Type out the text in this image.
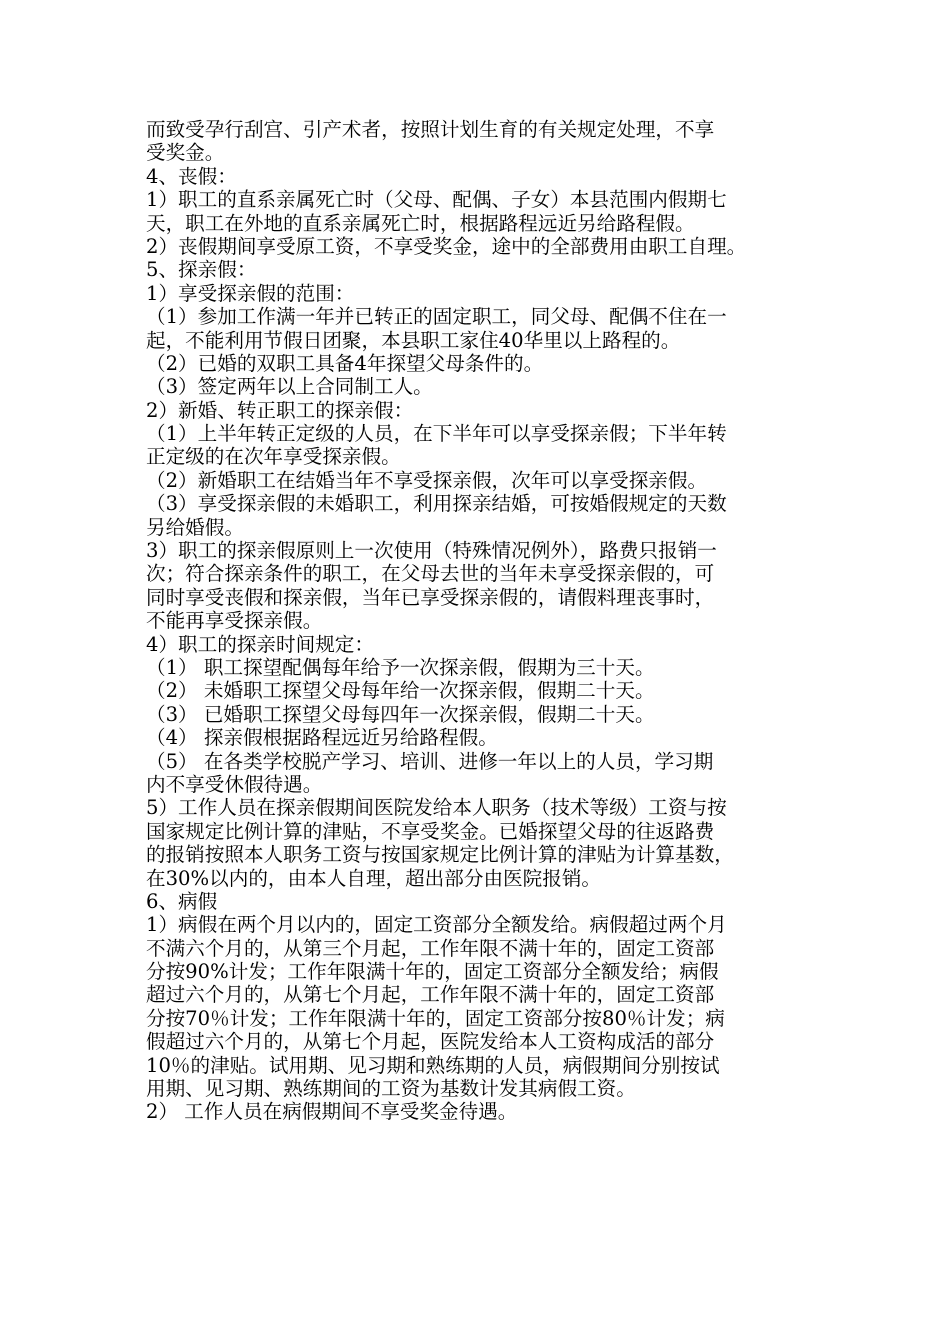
而致受孕行刮宫、引产术者，按照计划生育的有关规定处理，不享
受奖金。
4、丧假：
1）职工的直系亲属死亡时（父母、配偶、子女）本县范围内假期七
天，职工在外地的直系亲属死亡时，根据路程远近另给路程假。
2）丧假期间享受原工资，不享受奖金，途中的全部费用由职工自理。
5、探亲假：
1）享受探亲假的范围：
（1）参加工作满一年并已转正的固定职工，同父母、配偶不住在一
起，不能利用节假日团聚，本县职工家住40华里以上路程的。
（2）已婚的双职工具备4年探望父母条件的。
（3）签定两年以上合同制工人。
2）新婚、转正职工的探亲假：
（1）上半年转正定级的人员，在下半年可以享受探亲假；下半年转
正定级的在次年享受探亲假。
（2）新婚职工在结婚当年不享受探亲假，次年可以享受探亲假。
（3）享受探亲假的未婚职工，利用探亲结婚，可按婚假规定的天数
另给婚假。
3）职工的探亲假原则上一次使用（特殊情况例外），路费只报销一
次；符合探亲条件的职工，在父母去世的当年未享受探亲假的，可
同时享受丧假和探亲假，当年已享受探亲假的，请假料理丧事时，
不能再享受探亲假。
4）职工的探亲时间规定：
（1） 职工探望配偶每年给予一次探亲假，假期为三十天。
（2） 未婚职工探望父母每年给一次探亲假，假期二十天。
（3） 已婚职工探望父母每四年一次探亲假，假期二十天。
（4） 探亲假根据路程远近另给路程假。
（5） 在各类学校脱产学习、培训、进修一年以上的人员，学习期
内不享受休假待遇。
5）工作人员在探亲假期间医院发给本人职务（技术等级）工资与按
国家规定比例计算的津贴，不享受奖金。已婚探望父母的往返路费
的报销按照本人职务工资与按国家规定比例计算的津贴为计算基数，
在30%以内的，由本人自理，超出部分由医院报销。
6、病假
1）病假在两个月以内的，固定工资部分全额发给。病假超过两个月
不满六个月的，从第三个月起，工作年限不满十年的，固定工资部
分按90%计发；工作年限满十年的，固定工资部分全额发给；病假
超过六个月的，从第七个月起，工作年限不满十年的，固定工资部
分按70％计发；工作年限满十年的，固定工资部分按80％计发；病
假超过六个月的，从第七个月起，医院发给本人工资构成活的部分
10％的津贴。试用期、见习期和熟练期的人员，病假期间分别按试
用期、见习期、熟练期间的工资为基数计发其病假工资。
2） 工作人员在病假期间不享受奖金待遇。
